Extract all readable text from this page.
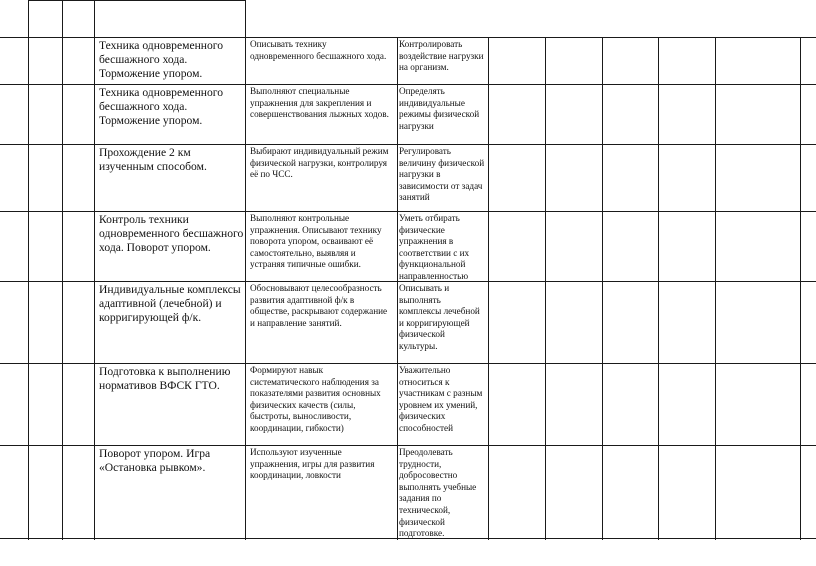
Техника одновременного бесшажного хода. Торможение упором.
Описывать технику одновременного бесшажного хода.
Контролировать воздействие нагрузки на организм.
Техника одновременного бесшажного хода. Торможение упором.
Выполняют специальные упражнения для закрепления и совершенствования лыжных ходов.
Определять индивидуальные режимы физической нагрузки
Прохождение 2 км изученным способом.
Выбирают индивидуальный режим физической нагрузки, контролируя её по ЧСС.
Регулировать величину физической нагрузки в зависимости от задач занятий
Контроль техники одновременного бесшажного хода. Поворот упором.
Выполняют контрольные упражнения. Описывают технику поворота упором, осваивают её самостоятельно, выявляя и устраняя типичные ошибки.
Уметь отбирать физические упражнения в соответствии с их функциональной направленностью
Индивидуальные комплексы адаптивной (лечебной) и корригирующей ф/к.
Обосновывают целесообразность развития адаптивной ф/к в обществе, раскрывают содержание и направление занятий.
Описывать и выполнять комплексы лечебной и корригирующей физической культуры.
Подготовка к выполнению нормативов ВФСК ГТО.
Формируют навык систематического наблюдения за показателями развития основных физических качеств (силы, быстроты, выносливости, координации, гибкости)
Уважительно относиться к участникам с разным уровнем их умений, физических способностей
Поворот упором. Игра «Остановка рывком».
Используют изученные упражнения, игры для развития координации, ловкости
Преодолевать трудности, добросовестно выполнять учебные задания по технической, физической подготовке.
